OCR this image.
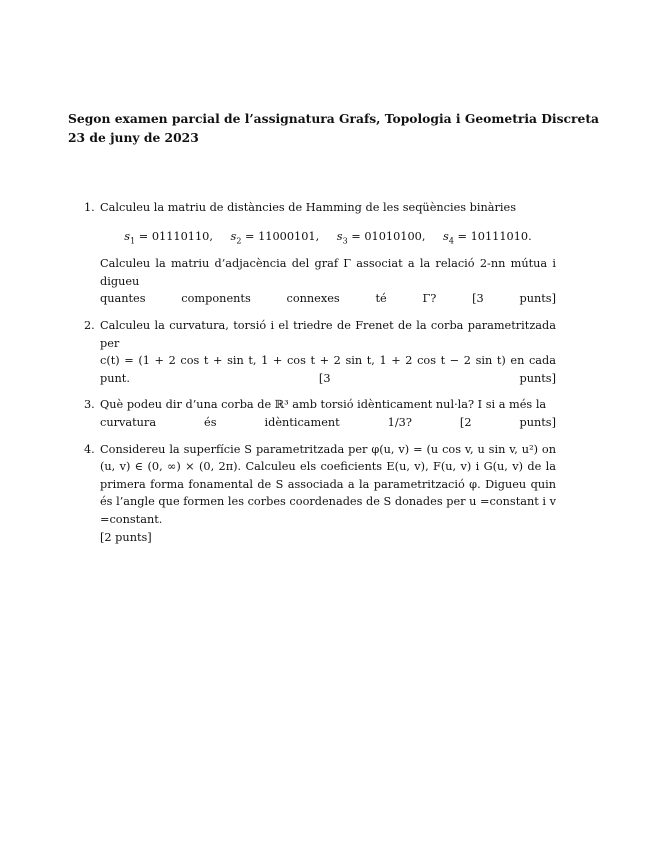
Segon examen parcial de l’assignatura Grafs, Topologia i Geometria Discreta
23 de juny de 2023
1. Calculeu la matriu de distàncies de Hamming de les seqüències binàries
$s_1 = 01110110$, $s_2 = 11000101$, $s_3 = 01010100$, $s_4 = 10111010$.
Calculeu la matriu d’adjacència del graf Γ associat a la relació 2-nn mútua i digueu
quantes components connexes té Γ?	[3 punts]
2. Calculeu la curvatura, torsió i el triedre de Frenet de la corba parametritzada per
c(t) = (1 + 2 cos t + sin t, 1 + cos t + 2 sin t, 1 + 2 cos t − 2 sin t) en cada punt.	[3 punts]
3. Què podeu dir d’una corba de ℝ³ amb torsió idènticament nul·la? I si a més la
curvatura és idènticament 1/3?	[2 punts]
4. Considereu la superfície S parametritzada per φ(u, v) = (u cos v, u sin v, u²) on (u, v) ∈ (0, ∞) × (0, 2π). Calculeu els coeficients E(u, v), F(u, v) i G(u, v) de la primera forma fonamental de S associada a la parametrització φ. Digueu quin és l’angle que formen les corbes coordenades de S donades per u =constant i v =constant.
[2 punts]
